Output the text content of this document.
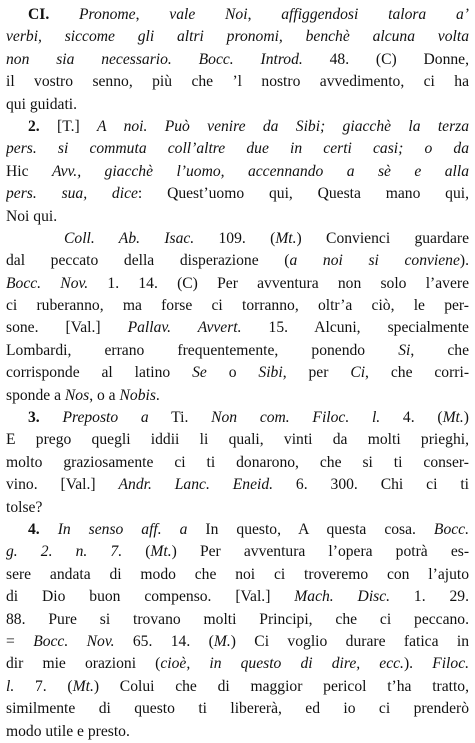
CI. Pronome, vale Noi, affiggendosi talora a’
verbi, siccome gli altri pronomi, benchè alcuna volta
non sia necessario. Bocc. Introd. 48. (C) Donne,
il vostro senno, più che ’l nostro avvedimento, ci ha
qui guidati.
2. [T.] A noi. Può venire da Sibi; giacchè la terza
pers. si commuta coll’altre due in certi casi; o da
Hic Avv., giacchè l’uomo, accennando a sè e alla
pers. sua, dice: Quest’uomo qui, Questa mano qui,
Noi qui.
Coll. Ab. Isac. 109. (Mt.) Convienci guardare
dal peccato della disperazione (a noi si conviene).
Bocc. Nov. 1. 14. (C) Per avventura non solo l’avere
ci ruberanno, ma forse ci torranno, oltr’a ciò, le per-
sone. [Val.] Pallav. Avvert. 15. Alcuni, specialmente
Lombardi, errano frequentemente, ponendo Si, che
corrisponde al latino Se o Sibi, per Ci, che corri-
sponde a Nos, o a Nobis.
3. Preposto a Ti. Non com. Filoc. l. 4. (Mt.)
E prego quegli iddii li quali, vinti da molti prieghi,
molto graziosamente ci ti donarono, che si ti conser-
vino. [Val.] Andr. Lanc. Eneid. 6. 300. Chi ci ti
tolse?
4. In senso aff. a In questo, A questa cosa. Bocc.
g. 2. n. 7. (Mt.) Per avventura l’opera potrà es-
sere andata di modo che noi ci troveremo con l’ajuto
di Dio buon compenso. [Val.] Mach. Disc. 1. 29.
88. Pure si trovano molti Principi, che ci peccano.
= Bocc. Nov. 65. 14. (M.) Ci voglio durare fatica in
dir mie orazioni (cioè, in questo di dire, ecc.). Filoc.
l. 7. (Mt.) Colui che di maggior pericol t’ha tratto,
similmente di questo ti libererà, ed io ci prenderò
modo utile e presto.
